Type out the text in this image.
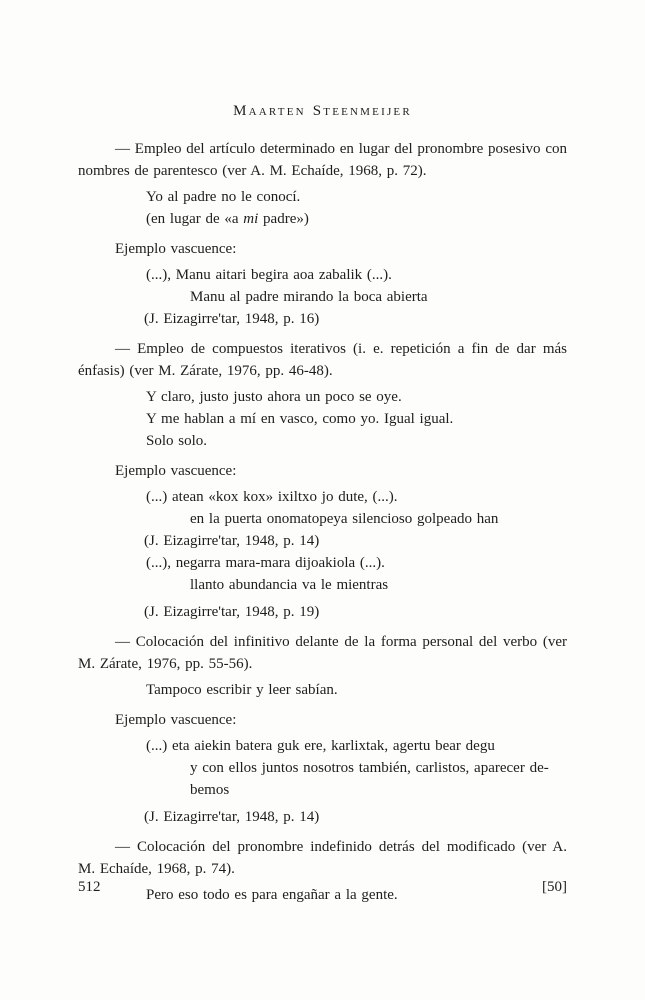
Maarten Steenmeijer
— Empleo del artículo determinado en lugar del pronombre posesivo con nombres de parentesco (ver A. M. Echaíde, 1968, p. 72).
Yo al padre no le conocí.
(en lugar de «a mi padre»)
Ejemplo vascuence:
(...), Manu aitari begira aoa zabalik (...).
Manu al padre mirando la boca abierta
(J. Eizagirre'tar, 1948, p. 16)
— Empleo de compuestos iterativos (i. e. repetición a fin de dar más énfasis) (ver M. Zárate, 1976, pp. 46-48).
Y claro, justo justo ahora un poco se oye.
Y me hablan a mí en vasco, como yo. Igual igual.
Solo solo.
Ejemplo vascuence:
(...) atean «kox kox» ixiltxo jo dute, (...).
en la puerta onomatopeya silencioso golpeado han
(J. Eizagirre'tar, 1948, p. 14)
(...), negarra mara-mara dijoakiola (...).
llanto abundancia va le mientras
(J. Eizagirre'tar, 1948, p. 19)
— Colocación del infinitivo delante de la forma personal del verbo (ver M. Zárate, 1976, pp. 55-56).
Tampoco escribir y leer sabían.
Ejemplo vascuence:
(...) eta aiekin batera guk ere, karlixtak, agertu bear degu
y con ellos juntos nosotros también, carlistos, aparecer de-
bemos
(J. Eizagirre'tar, 1948, p. 14)
— Colocación del pronombre indefinido detrás del modificado (ver A. M. Echaíde, 1968, p. 74).
Pero eso todo es para engañar a la gente.
512	[50]
